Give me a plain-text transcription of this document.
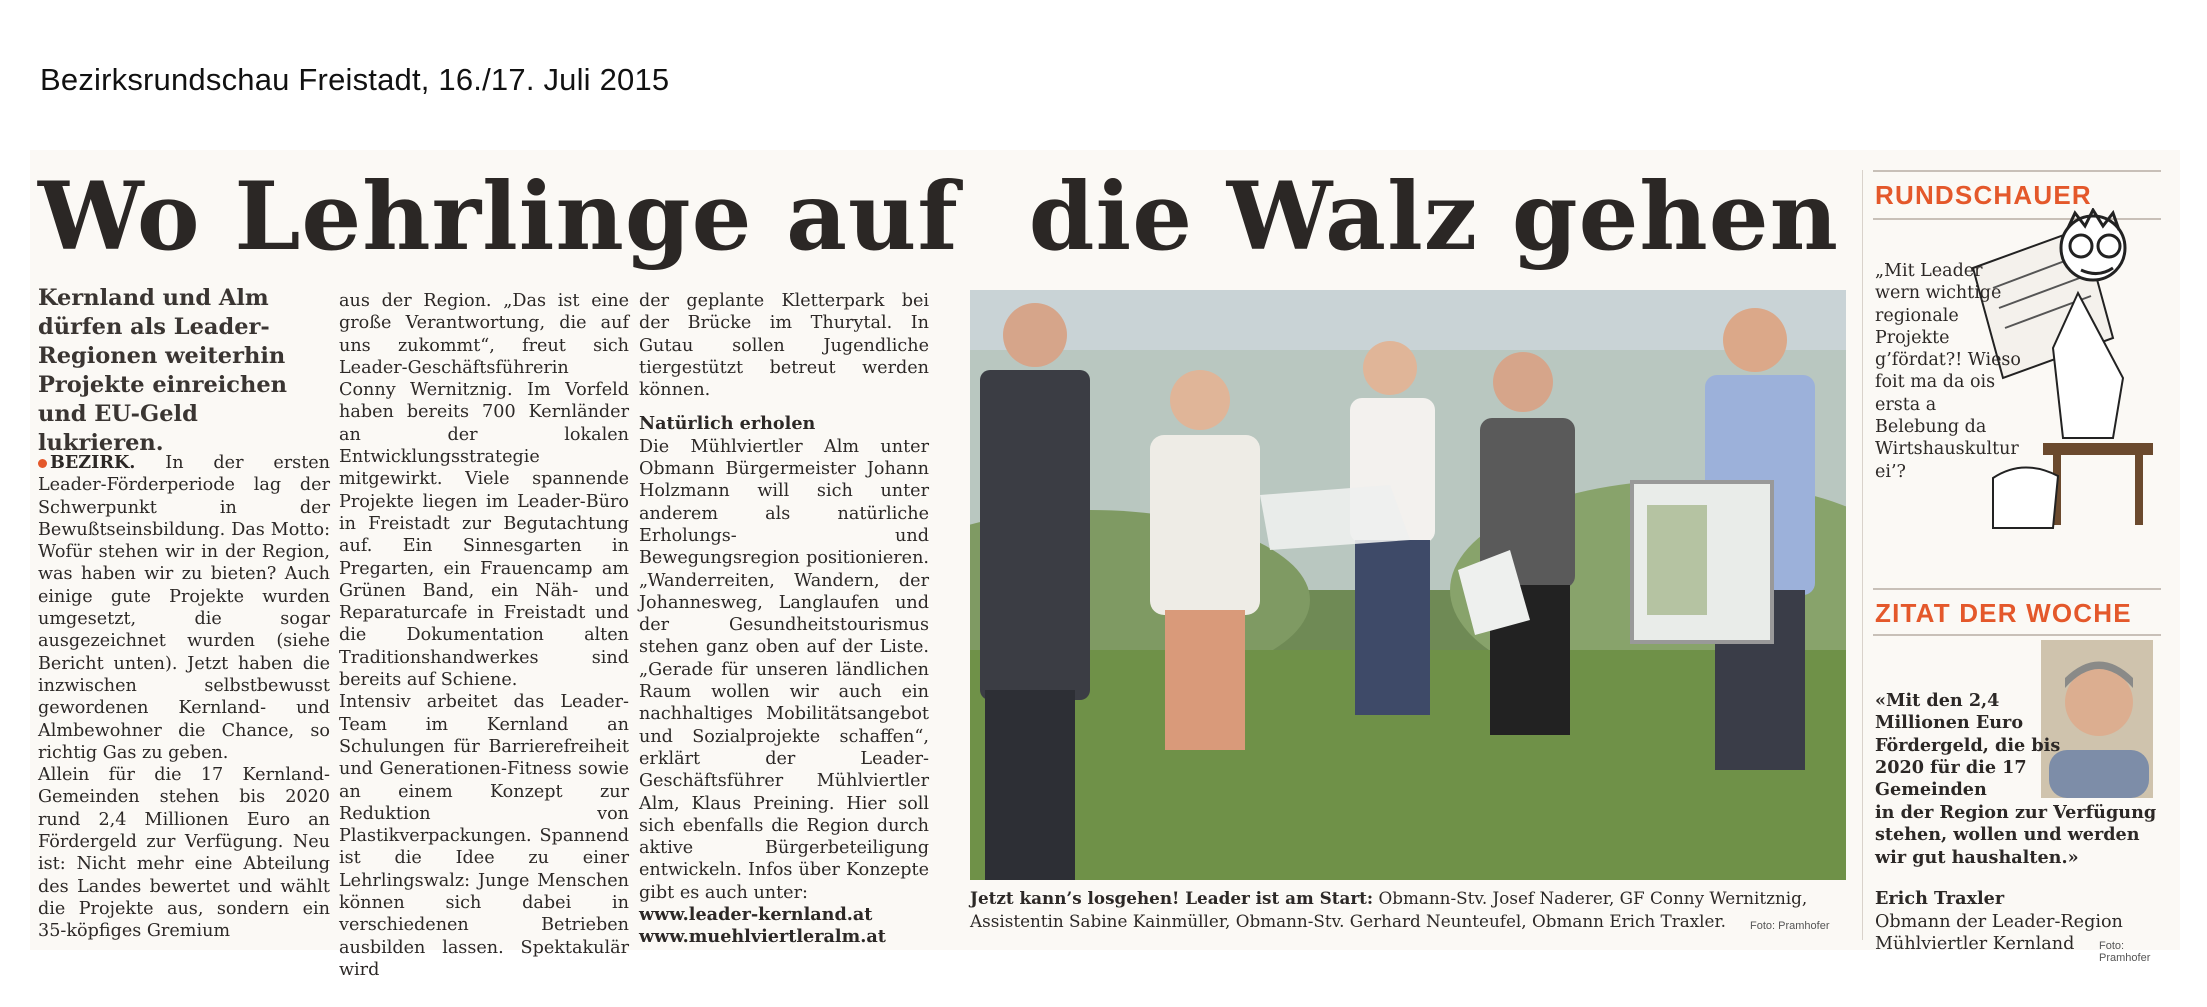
Bezirksrundschau Freistadt, 16./17. Juli 2015
Wo Lehrlinge auf die Walz gehen
Kernland und Alm dürfen als Leader-Regionen weiterhin Projekte einreichen und EU-Geld lukrieren.

BEZIRK. In der ersten Leader-Förderperiode lag der Schwerpunkt in der Bewußtseinsbildung. Das Motto: Wofür stehen wir in der Region, was haben wir zu bieten? Auch einige gute Projekte wurden umgesetzt, die sogar ausgezeichnet wurden (siehe Bericht unten). Jetzt haben die inzwischen selbstbewusst gewordenen Kernland- und Almbewohner die Chance, so richtig Gas zu geben.

Allein für die 17 Kernland-Gemeinden stehen bis 2020 rund 2,4 Millionen Euro an Fördergeld zur Verfügung. Neu ist: Nicht mehr eine Abteilung des Landes bewertet und wählt die Projekte aus, sondern ein 35-köpfiges Gremium

aus der Region. „Das ist eine große Verantwortung, die auf uns zukommt“, freut sich Leader-Geschäftsführerin Conny Wernitznig. Im Vorfeld haben bereits 700 Kernländer an der lokalen Entwicklungsstrategie mitgewirkt. Viele spannende Projekte liegen im Leader-Büro in Freistadt zur Begutachtung auf. Ein Sinnesgarten in Pregarten, ein Frauencamp am Grünen Band, ein Näh- und Reparaturcafe in Freistadt und die Dokumentation alten Traditionshandwerkes sind bereits auf Schiene.

Intensiv arbeitet das Leader-Team im Kernland an Schulungen für Barrierefreiheit und Generationen-Fitness sowie an einem Konzept zur Reduktion von Plastikverpackungen. Spannend ist die Idee zu einer Lehrlingswalz: Junge Menschen können sich dabei in verschiedenen Betrieben ausbilden lassen. Spektakulär wird

der geplante Kletterpark bei der Brücke im Thurytal. In Gutau sollen Jugendliche tiergestützt betreut werden können.

Natürlich erholen

Die Mühlviertler Alm unter Obmann Bürgermeister Johann Holzmann will sich unter anderem als natürliche Erholungs- und Bewegungsregion positionieren. „Wanderreiten, Wandern, der Johannesweg, Langlaufen und der Gesundheitstourismus stehen ganz oben auf der Liste. „Gerade für unseren ländlichen Raum wollen wir auch ein nachhaltiges Mobilitätsangebot und Sozialprojekte schaffen“, erklärt der Leader-Geschäftsführer Mühlviertler Alm, Klaus Preining. Hier soll sich ebenfalls die Region durch aktive Bürgerbeteiligung entwickeln. Infos über Konzepte gibt es auch unter:

www.leader-kernland.at

www.muehlviertleralm.at

Jetzt kann’s losgehen! Leader ist am Start: Obmann-Stv. Josef Naderer, GF Conny Wernitznig, Assistentin Sabine Kainmüller, Obmann-Stv. Gerhard Neunteufel, Obmann Erich Traxler.	Foto: Pramhofer
RUNDSCHAUER
„Mit Leader wern wichtige regionale Projekte g’fördat?! Wieso foit ma da ois ersta a Belebung da Wirtshauskultur ei’?
ZITAT DER WOCHE
«Mit den 2,4 Millionen Euro Fördergeld, die bis 2020 für die 17 Gemeinden
in der Region zur Verfügung stehen, wollen und werden wir gut haushalten.»
Erich Traxler
Obmann der Leader-Region Mühlviertler Kernland	Foto: Pramhofer
